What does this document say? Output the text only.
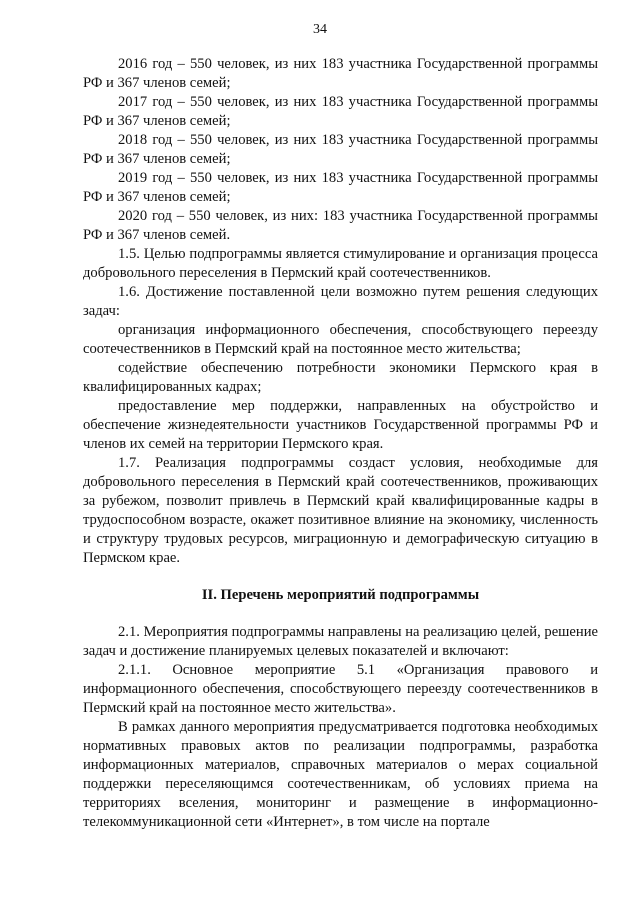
34

2016 год – 550 человек, из них 183 участника Государственной программы РФ и 367 членов семей;

2017 год – 550 человек, из них 183 участника Государственной программы РФ и 367 членов семей;

2018 год – 550 человек, из них 183 участника Государственной программы РФ и 367 членов семей;

2019 год – 550 человек, из них 183 участника Государственной программы РФ и 367 членов семей;

2020 год – 550 человек, из них: 183 участника Государственной программы РФ и 367 членов семей.

1.5. Целью подпрограммы является стимулирование и организация процесса добровольного переселения в Пермский край соотечественников.

1.6. Достижение поставленной цели возможно путем решения следующих задач:

организация информационного обеспечения, способствующего переезду соотечественников в Пермский край на постоянное место жительства;

содействие обеспечению потребности экономики Пермского края в квалифицированных кадрах;

предоставление мер поддержки, направленных на обустройство и обеспечение жизнедеятельности участников Государственной программы РФ и членов их семей на территории Пермского края.

1.7. Реализация подпрограммы создаст условия, необходимые для добровольного переселения в Пермский край соотечественников, проживающих за рубежом, позволит привлечь в Пермский край квалифицированные кадры в трудоспособном возрасте, окажет позитивное влияние на экономику, численность и структуру трудовых ресурсов, миграционную и демографическую ситуацию в Пермском крае.

II. Перечень мероприятий подпрограммы

2.1. Мероприятия подпрограммы направлены на реализацию целей, решение задач и достижение планируемых целевых показателей и включают:

2.1.1. Основное мероприятие 5.1 «Организация правового и информационного обеспечения, способствующего переезду соотечественников в Пермский край на постоянное место жительства».

В рамках данного мероприятия предусматривается подготовка необходимых нормативных правовых актов по реализации подпрограммы, разработка информационных материалов, справочных материалов о мерах социальной поддержки переселяющимся соотечественникам, об условиях приема на территориях вселения, мониторинг и размещение в информационно-телекоммуникационной сети «Интернет», в том числе на портале
